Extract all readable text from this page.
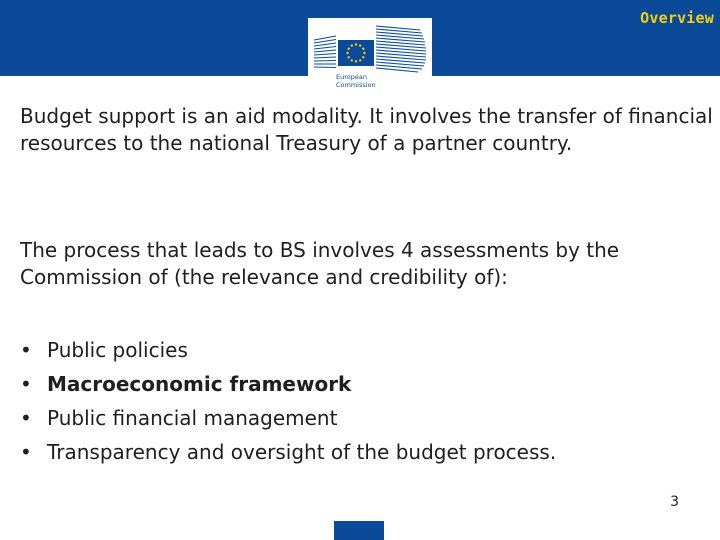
Overview
European
Commission

Budget support is an aid modality. It involves the transfer of financial resources to the national Treasury of a partner country.

The process that leads to BS involves 4 assessments by the Commission of (the relevance and credibility of):

• Public policies
• Macroeconomic framework
• Public financial management
• Transparency and oversight of the budget process.
3
